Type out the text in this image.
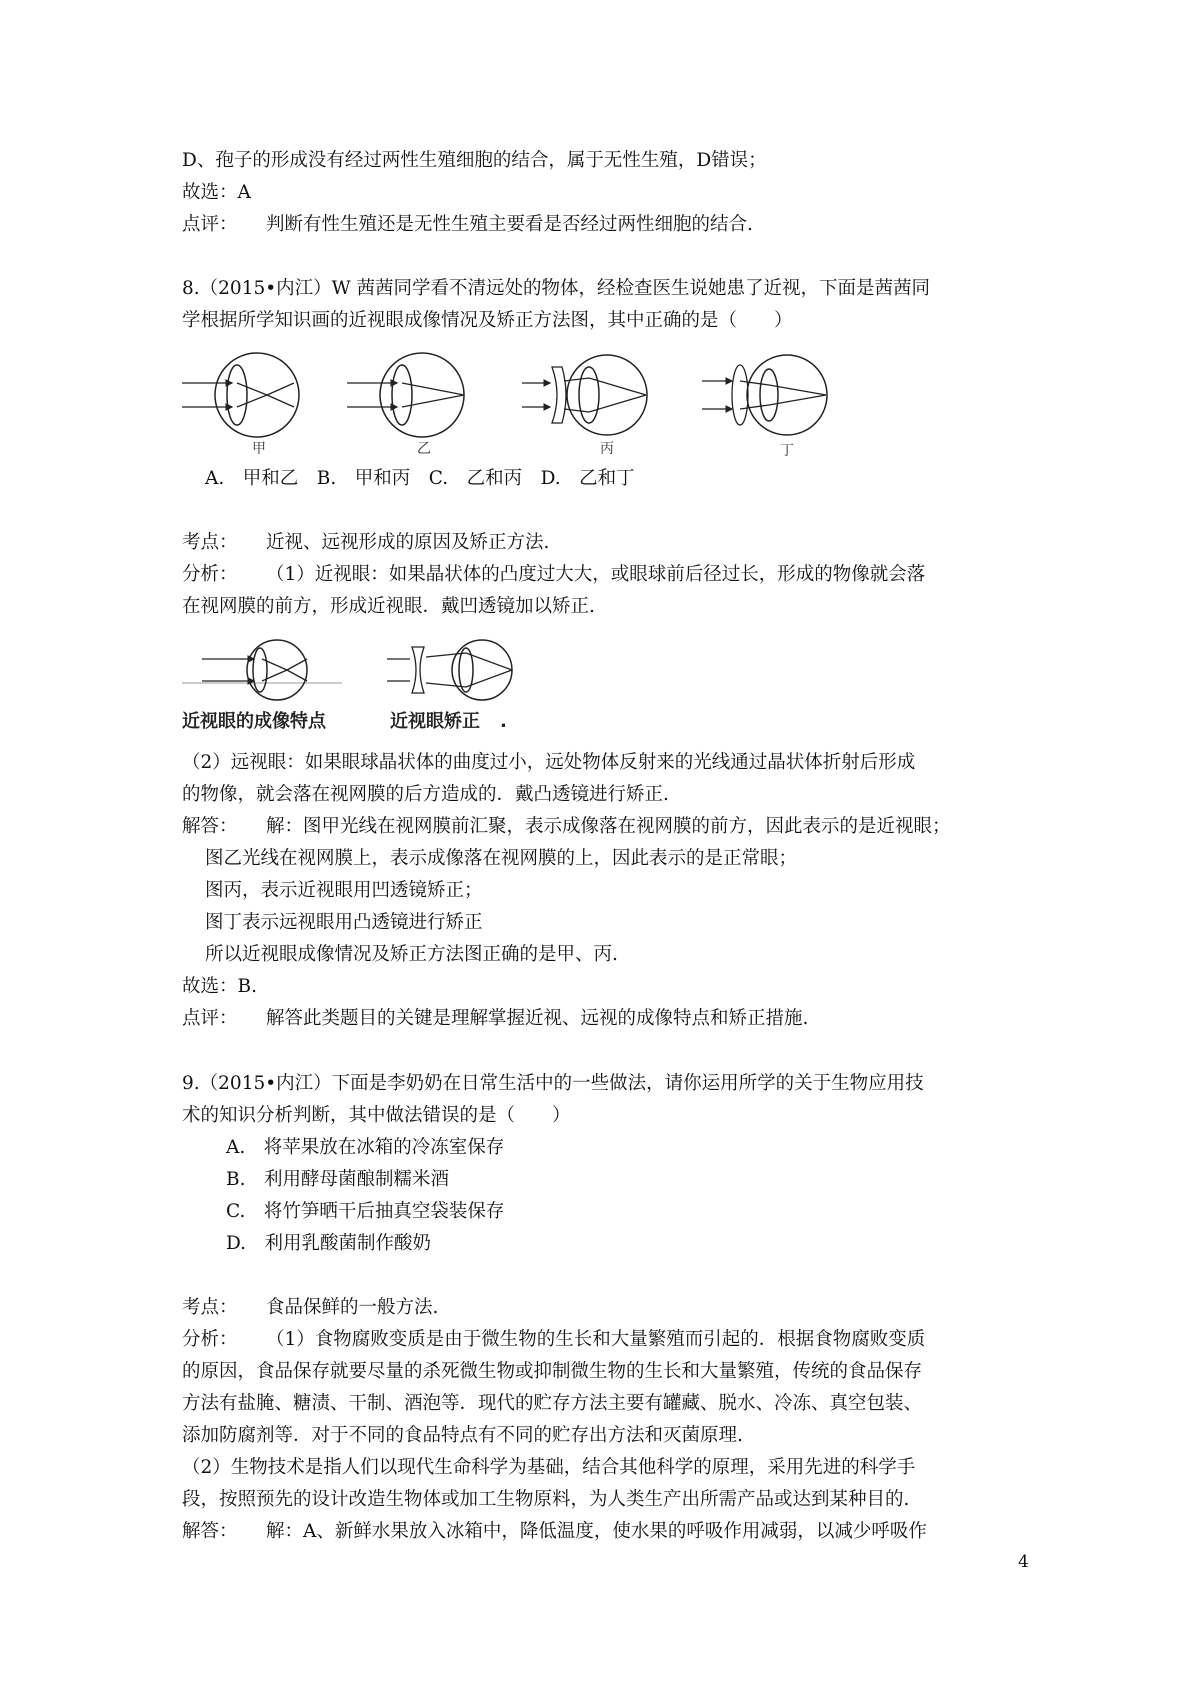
D、孢子的形成没有经过两性生殖细胞的结合，属于无性生殖，D错误；
故选：A
点评： 判断有性生殖还是无性生殖主要看是否经过两性细胞的结合.
8.（2015•内江）W 茜茜同学看不清远处的物体，经检查医生说她患了近视，下面是茜茜同
学根据所学知识画的近视眼成像情况及矫正方法图，其中正确的是（　　）
甲	乙	丙	丁
A.　甲和乙　B.　甲和丙　C.　乙和丙　D.　乙和丁
考点： 近视、远视形成的原因及矫正方法.
分析： （1）近视眼：如果晶状体的凸度过大大，或眼球前后径过长，形成的物像就会落
在视网膜的前方，形成近视眼．戴凹透镜加以矫正.
近视眼的成像特点	近视眼矫正 .
（2）远视眼：如果眼球晶状体的曲度过小，远处物体反射来的光线通过晶状体折射后形成
的物像，就会落在视网膜的后方造成的．戴凸透镜进行矫正.
解答： 解：图甲光线在视网膜前汇聚，表示成像落在视网膜的前方，因此表示的是近视眼；
图乙光线在视网膜上，表示成像落在视网膜的上，因此表示的是正常眼；
图丙，表示近视眼用凹透镜矫正；
图丁表示远视眼用凸透镜进行矫正
所以近视眼成像情况及矫正方法图正确的是甲、丙.
故选：B.
点评： 解答此类题目的关键是理解掌握近视、远视的成像特点和矫正措施.
9.（2015•内江）下面是李奶奶在日常生活中的一些做法，请你运用所学的关于生物应用技
术的知识分析判断，其中做法错误的是（　　）
A.　将苹果放在冰箱的冷冻室保存
B.　利用酵母菌酿制糯米酒
C.　将竹笋晒干后抽真空袋装保存
D.　利用乳酸菌制作酸奶
考点： 食品保鲜的一般方法.
分析： （1）食物腐败变质是由于微生物的生长和大量繁殖而引起的．根据食物腐败变质
的原因，食品保存就要尽量的杀死微生物或抑制微生物的生长和大量繁殖，传统的食品保存
方法有盐腌、糖渍、干制、酒泡等．现代的贮存方法主要有罐藏、脱水、冷冻、真空包装、
添加防腐剂等．对于不同的食品特点有不同的贮存出方法和灭菌原理.
（2）生物技术是指人们以现代生命科学为基础，结合其他科学的原理，采用先进的科学手
段，按照预先的设计改造生物体或加工生物原料，为人类生产出所需产品或达到某种目的.
解答： 解：A、新鲜水果放入冰箱中，降低温度，使水果的呼吸作用减弱，以减少呼吸作
4
